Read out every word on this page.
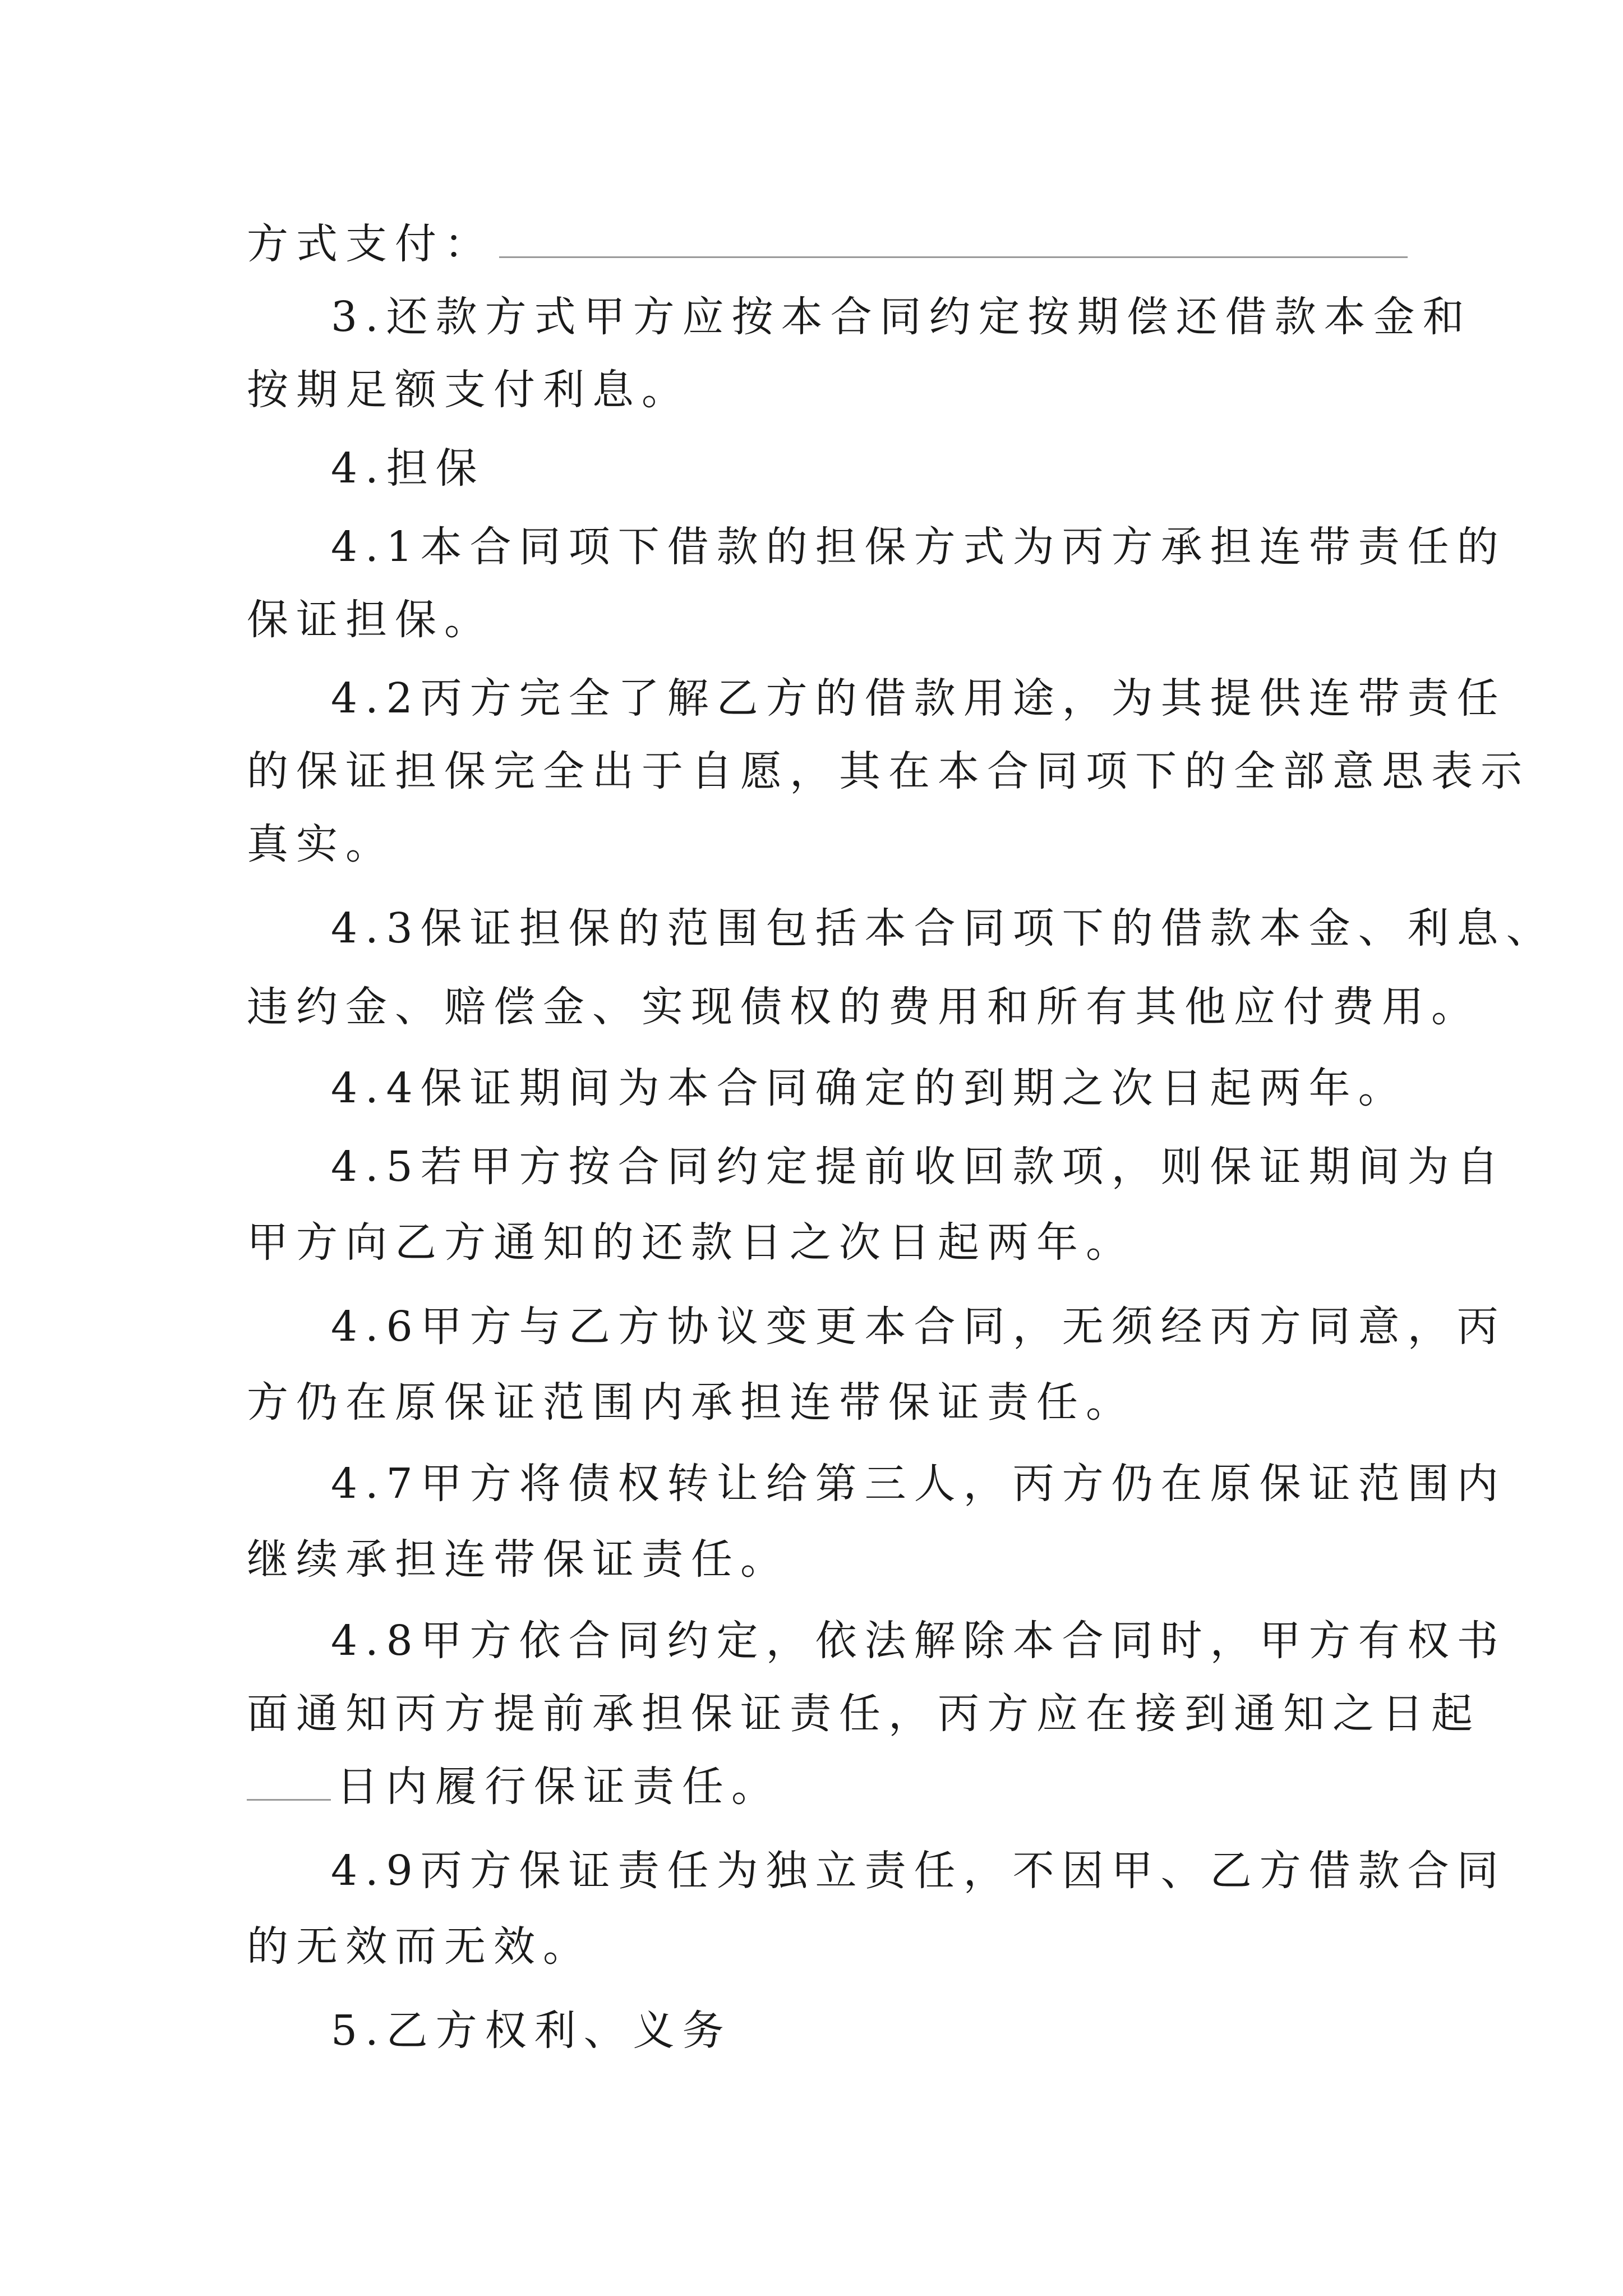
方式支付：
3.还款方式甲方应按本合同约定按期偿还借款本金和
按期足额支付利息。
4.担保
4.1本合同项下借款的担保方式为丙方承担连带责任的
保证担保。
4.2丙方完全了解乙方的借款用途，为其提供连带责任
的保证担保完全出于自愿，其在本合同项下的全部意思表示
真实。
4.3保证担保的范围包括本合同项下的借款本金、利息、
违约金、赔偿金、实现债权的费用和所有其他应付费用。
4.4保证期间为本合同确定的到期之次日起两年。
4.5若甲方按合同约定提前收回款项，则保证期间为自
甲方向乙方通知的还款日之次日起两年。
4.6甲方与乙方协议变更本合同，无须经丙方同意，丙
方仍在原保证范围内承担连带保证责任。
4.7甲方将债权转让给第三人，丙方仍在原保证范围内
继续承担连带保证责任。
4.8甲方依合同约定，依法解除本合同时，甲方有权书
面通知丙方提前承担保证责任，丙方应在接到通知之日起
日内履行保证责任。
4.9丙方保证责任为独立责任，不因甲、乙方借款合同
的无效而无效。
5.乙方权利、义务
